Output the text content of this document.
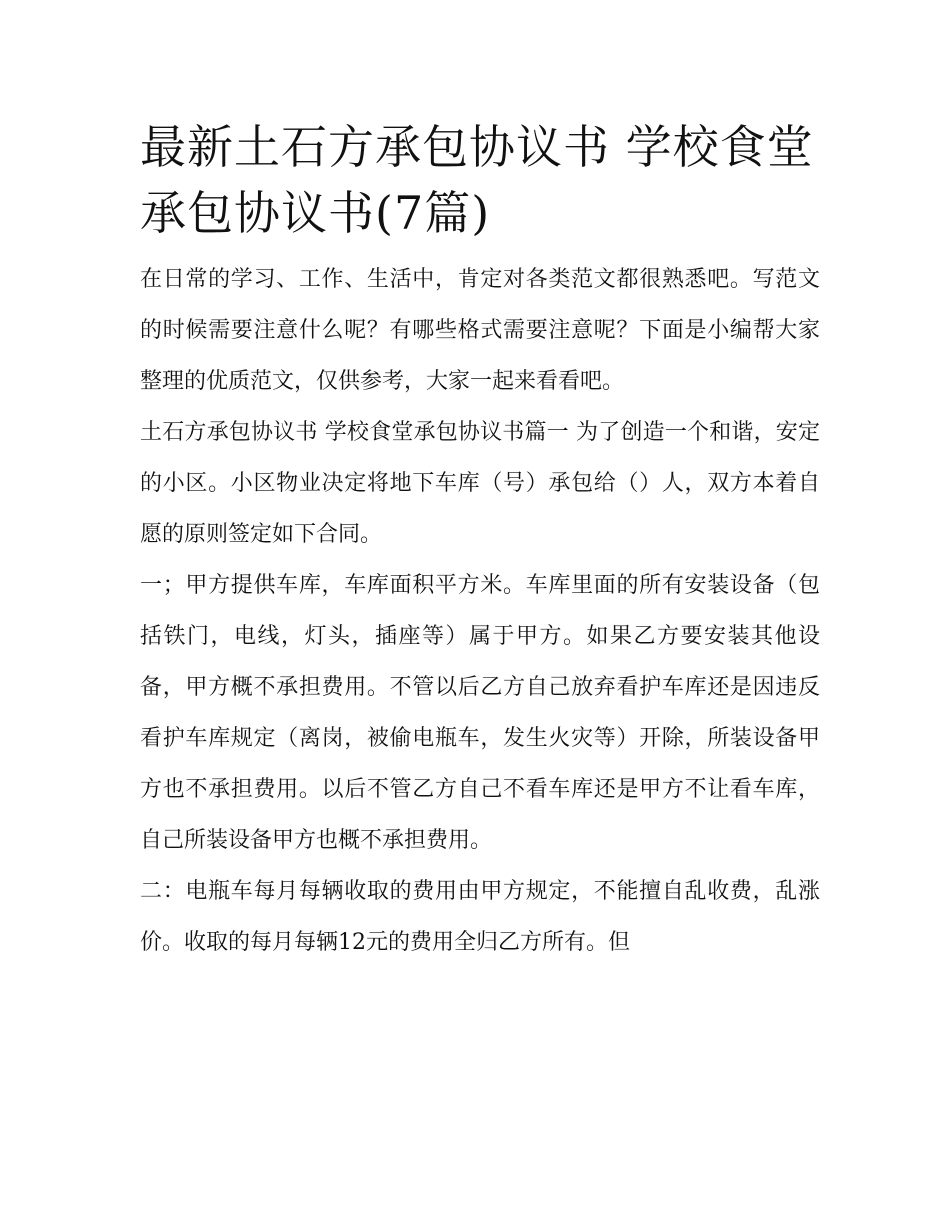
最新土石方承包协议书 学校食堂承包协议书(7篇)

在日常的学习、工作、生活中，肯定对各类范文都很熟悉吧。写范文的时候需要注意什么呢？有哪些格式需要注意呢？下面是小编帮大家整理的优质范文，仅供参考，大家一起来看看吧。

土石方承包协议书 学校食堂承包协议书篇一 为了创造一个和谐，安定的小区。小区物业决定将地下车库（号）承包给（）人，双方本着自愿的原则签定如下合同。

一；甲方提供车库，车库面积平方米。车库里面的所有安装设备（包括铁门，电线，灯头，插座等）属于甲方。如果乙方要安装其他设备，甲方概不承担费用。不管以后乙方自己放弃看护车库还是因违反看护车库规定（离岗，被偷电瓶车，发生火灾等）开除，所装设备甲方也不承担费用。以后不管乙方自己不看车库还是甲方不让看车库，自己所装设备甲方也概不承担费用。

二：电瓶车每月每辆收取的费用由甲方规定，不能擅自乱收费，乱涨价。收取的每月每辆12元的费用全归乙方所有。但
